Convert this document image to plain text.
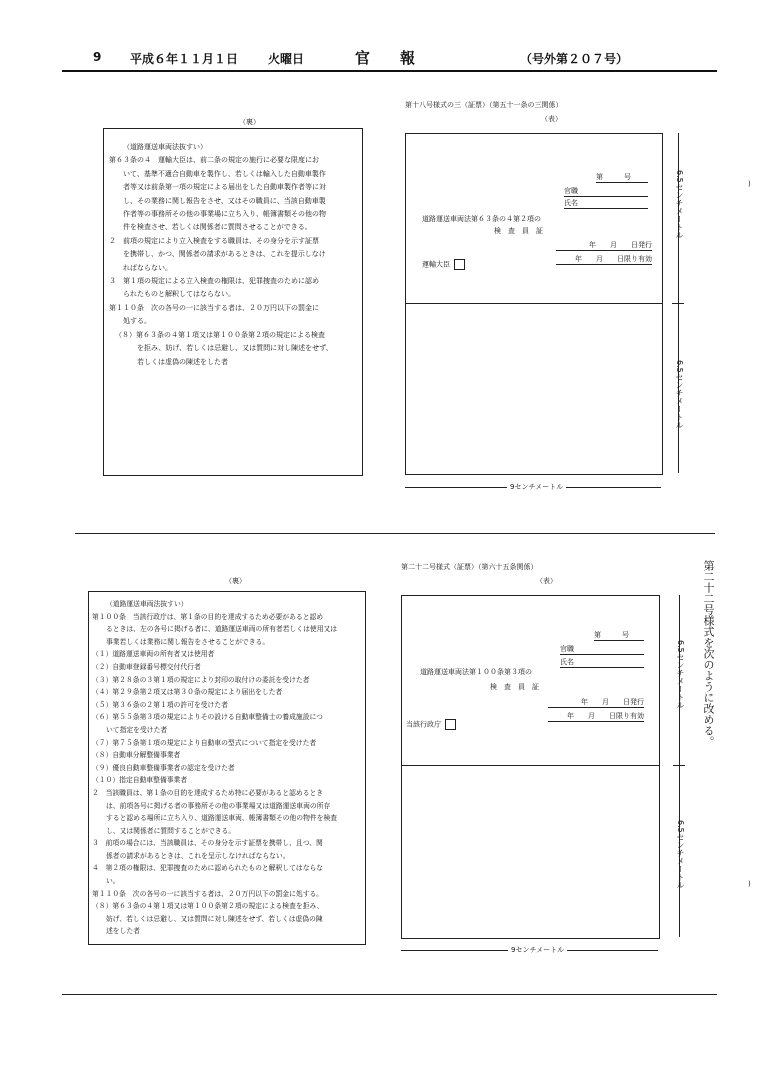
9 平成６年１１月１日 火曜日	官　　報	（号外第２０７号）
第十八号様式の三（証票）（第五十一条の三関係）
（表）
（裏）
（道路運送車両法抜すい）
第６３条の４　運輸大臣は、前二条の規定の施行に必要な限度にお
いて、基準不適合自動車を製作し、若しくは輸入した自動車製作
者等又は前条第一項の規定による届出をした自動車製作者等に対
し、その業務に関し報告をさせ、又はその職員に、当該自動車製
作者等の事務所その他の事業場に立ち入り、帳簿書類その他の物
件を検査させ、若しくは関係者に質問させることができる。
２　前項の規定により立入検査をする職員は、その身分を示す証票
を携帯し、かつ、関係者の請求があるときは、これを提示しなけ
ればならない。
３　第１項の規定による立入検査の権限は、犯罪捜査のために認め
られたものと解釈してはならない。
第１１０条　次の各号の一に該当する者は、２０万円以下の罰金に
処する。
（８）第６３条の４第１項又は第１００条第２項の規定による検査
を拒み、妨げ、若しくは忌避し、又は質問に対し陳述をせず、
若しくは虚偽の陳述をした者
第　　　号
官職
氏名
道路運送車両法第６３条の４第２項の
検　査　員　証
年　　月　　日発行
年　　月　　日限り有効
運輸大臣
6.5センチメートル
6.5センチメートル
9センチメートル
)
第二十二号様式（証票）（第六十五条関係）
（表）
（裏）
（道路運送車両法抜すい）
第１００条　当該行政庁は、第１条の目的を達成するため必要があると認め
るときは、左の各号に掲げる者に、道路運送車両の所有者若しくは使用又は
事業若しくは業務に関し報告をさせることができる。
（１）道路運送車両の所有者又は使用者
（２）自動車登録番号標交付代行者
（３）第２８条の３第１項の規定により封印の取付けの委託を受けた者
（４）第２９条第２項又は第３０条の規定により届出をした者
（５）第３６条の２第１項の許可を受けた者
（６）第５５条第３項の規定によりその設ける自動車整備士の養成施設につ
いて指定を受けた者
（７）第７５条第１項の規定により自動車の型式について指定を受けた者
（８）自動車分解整備事業者
（９）優良自動車整備事業者の認定を受けた者
（１０）指定自動車整備事業者
２　当該職員は、第１条の目的を達成するため特に必要があると認めるとき
は、前項各号に掲げる者の事務所その他の事業場又は道路運送車両の所存
すると認める場所に立ち入り、道路運送車両、帳簿書類その他の物件を検査
し、又は関係者に質問することができる。
３　前項の場合には、当該職員は、その身分を示す証票を携帯し、且つ、関
係者の請求があるときは、これを呈示しなければならない。
４　第２項の権限は、犯罪捜査のために認められたものと解釈してはならな
い。
第１１０条　次の各号の一に該当する者は、２０万円以下の罰金に処する。
（８）第６３条の４第１項又は第１００条第２項の規定による検査を拒み、
妨げ、若しくは忌避し、又は質問に対し陳述をせず、若しくは虚偽の陳
述をした者
第　　　号
官職
氏名
道路運送車両法第１００条第３項の
検　査　員　証
年　　月　　日発行
年　　月　　日限り有効
当該行政庁
6.5センチメートル
6.5センチメートル
9センチメートル
第二十二号様式を次のように改める。
)
